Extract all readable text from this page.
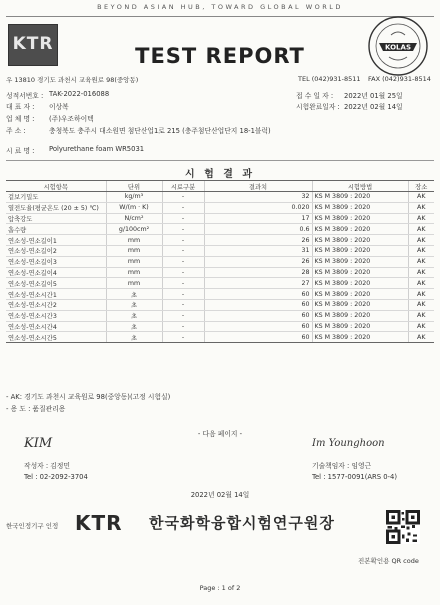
BEYOND ASIAN HUB, TOWARD GLOBAL WORLD
KTR	TEST REPORT	KOLAS
우 13810 경기도 과천시 교육원로 98(중앙동)	TEL (042)931-8511 FAX (042)931-8514
성적서번호 : TAK-2022-016088
대 표 자 : 이상복
업 체 명 : (주)우조하이텍
주 소 :	충청북도 충주시 대소원면 첨단산업1로 215 (충주첨단산업단지 18-1블럭)
접 수 일 자 : 2022년 01월 25일
시험완료일자 : 2022년 02월 14일
시 료 명 : Polyurethane foam WR5031
시 험 결 과
시험항목	단위	시료구분	결과치	시험방법	장소
겉보기밀도	kg/m³	-	32	KS M 3809 : 2020	AK
열전도율(평균온도 (20 ± 5) ℃)	W/(m · K)	-	0.020	KS M 3809 : 2020	AK
압축강도	N/cm²	-	17	KS M 3809 : 2020	AK
흡수량	g/100cm²	-	0.6	KS M 3809 : 2020	AK
연소성-연소길이1	mm	-	26	KS M 3809 : 2020	AK
연소성-연소길이2	mm	-	31	KS M 3809 : 2020	AK
연소성-연소길이3	mm	-	26	KS M 3809 : 2020	AK
연소성-연소길이4	mm	-	28	KS M 3809 : 2020	AK
연소성-연소길이5	mm	-	27	KS M 3809 : 2020	AK
연소성-연소시간1	초	-	60	KS M 3809 : 2020	AK
연소성-연소시간2	초	-	60	KS M 3809 : 2020	AK
연소성-연소시간3	초	-	60	KS M 3809 : 2020	AK
연소성-연소시간4	초	-	60	KS M 3809 : 2020	AK
연소성-연소시간5	초	-	60	KS M 3809 : 2020	AK
- AK: 경기도 과천시 교육원로 98(중앙동)(고정 시험실)
- 용 도 : 품질관리용
- 다음 페이지 -
KIM
작성자 : 김정민
Tel : 02-2092-3704
Im Younghoon
기술책임자 : 임영근
Tel : 1577-0091(ARS 0-4)
2022년 02월 14일
한국인정기구 인정 KTR 한국화학융합시험연구원장
진본확인용 QR code
Page : 1 of 2
